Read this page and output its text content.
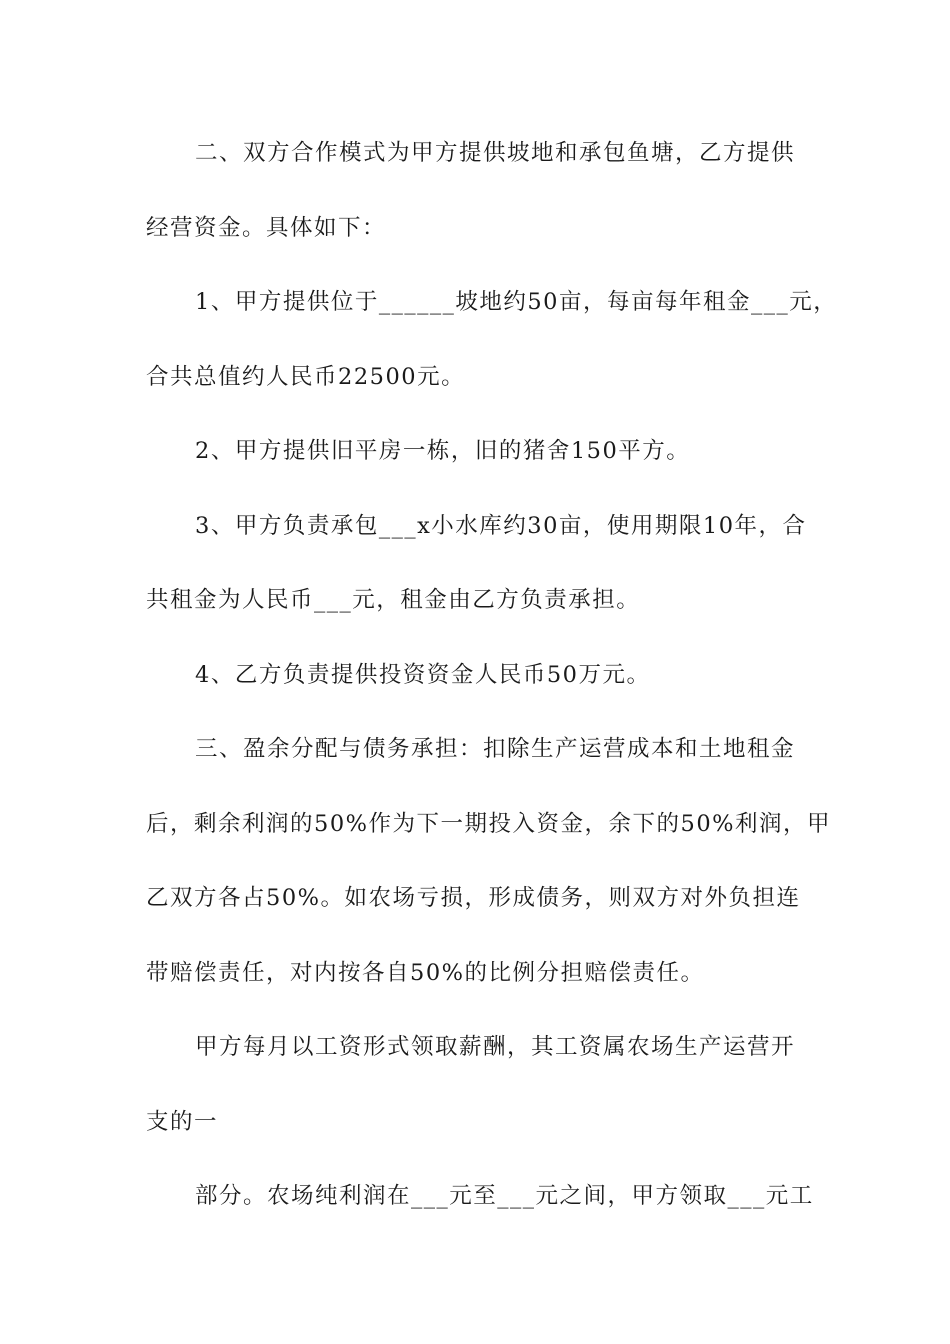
二、双方合作模式为甲方提供坡地和承包鱼塘，乙方提供
经营资金。具体如下：
1、甲方提供位于______坡地约50亩，每亩每年租金___元，
合共总值约人民币22500元。
2、甲方提供旧平房一栋，旧的猪舍150平方。
3、甲方负责承包___x小水库约30亩，使用期限10年，合
共租金为人民币___元，租金由乙方负责承担。
4、乙方负责提供投资资金人民币50万元。
三、盈余分配与债务承担：扣除生产运营成本和土地租金
后，剩余利润的50%作为下一期投入资金，余下的50%利润，甲
乙双方各占50%。如农场亏损，形成债务，则双方对外负担连
带赔偿责任，对内按各自50%的比例分担赔偿责任。
甲方每月以工资形式领取薪酬，其工资属农场生产运营开
支的一
部分。农场纯利润在___元至___元之间，甲方领取___元工
